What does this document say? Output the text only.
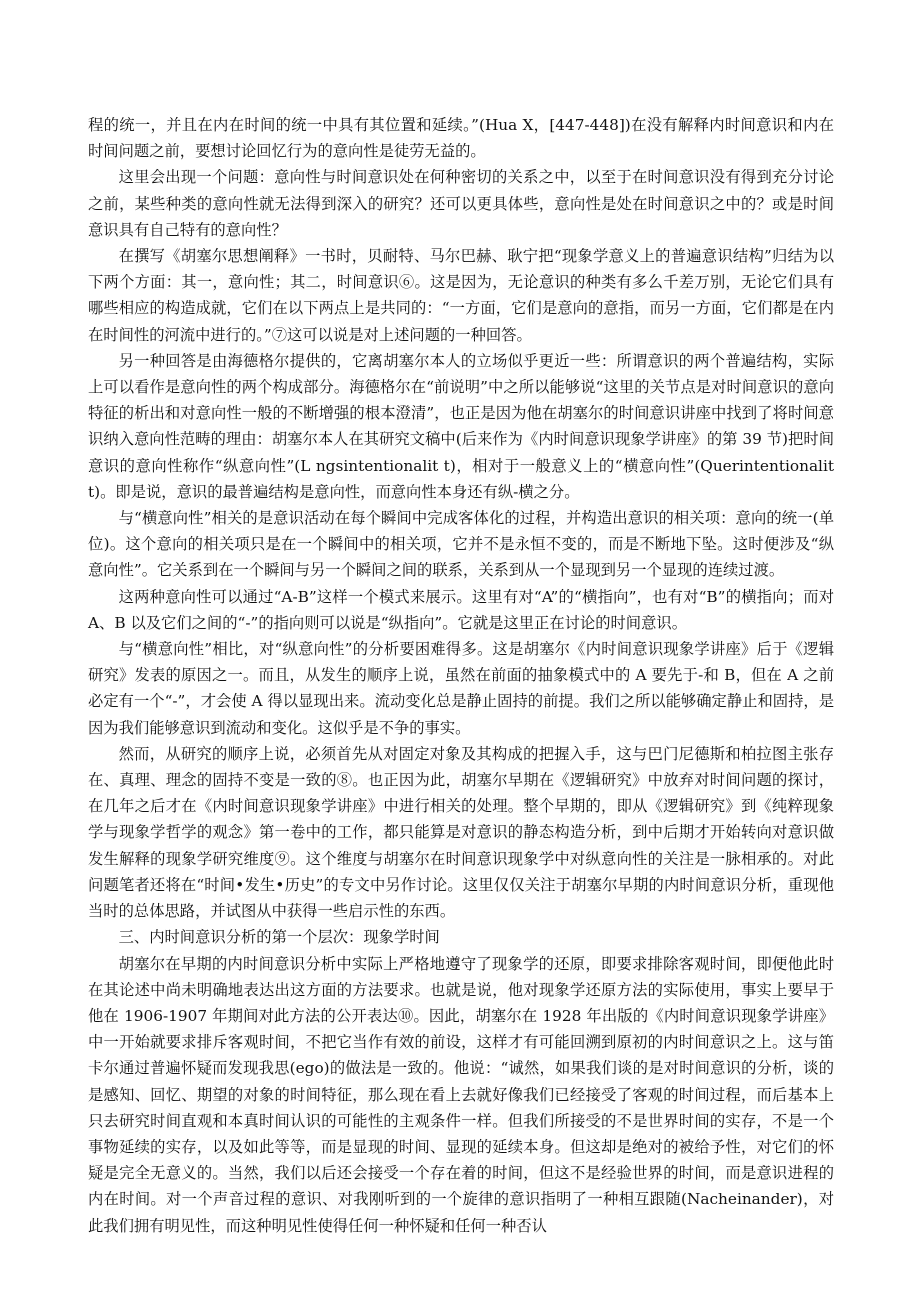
程的统一，并且在内在时间的统一中具有其位置和延续。”(Hua X，[447-448])在没有解释内时间意识和内在时间问题之前，要想讨论回忆行为的意向性是徒劳无益的。

这里会出现一个问题：意向性与时间意识处在何种密切的关系之中，以至于在时间意识没有得到充分讨论之前，某些种类的意向性就无法得到深入的研究？还可以更具体些，意向性是处在时间意识之中的？或是时间意识具有自己特有的意向性？

在撰写《胡塞尔思想阐释》一书时，贝耐特、马尔巴赫、耿宁把“现象学意义上的普遍意识结构”归结为以下两个方面：其一，意向性；其二，时间意识⑥。这是因为，无论意识的种类有多么千差万别，无论它们具有哪些相应的构造成就，它们在以下两点上是共同的：“一方面，它们是意向的意指，而另一方面，它们都是在内在时间性的河流中进行的。”⑦这可以说是对上述问题的一种回答。

另一种回答是由海德格尔提供的，它离胡塞尔本人的立场似乎更近一些：所谓意识的两个普遍结构，实际上可以看作是意向性的两个构成部分。海德格尔在“前说明”中之所以能够说“这里的关节点是对时间意识的意向特征的析出和对意向性一般的不断增强的根本澄清”，也正是因为他在胡塞尔的时间意识讲座中找到了将时间意识纳入意向性范畴的理由：胡塞尔本人在其研究文稿中(后来作为《内时间意识现象学讲座》的第 39 节)把时间意识的意向性称作“纵意向性”(L ngsintentionalit t)，相对于一般意义上的“横意向性”(Querintentionalit t)。即是说，意识的最普遍结构是意向性，而意向性本身还有纵-横之分。

与“横意向性”相关的是意识活动在每个瞬间中完成客体化的过程，并构造出意识的相关项：意向的统一(单位)。这个意向的相关项只是在一个瞬间中的相关项，它并不是永恒不变的，而是不断地下坠。这时便涉及“纵意向性”。它关系到在一个瞬间与另一个瞬间之间的联系，关系到从一个显现到另一个显现的连续过渡。

这两种意向性可以通过“A-B”这样一个模式来展示。这里有对“A”的“横指向”，也有对“B”的横指向；而对 A、B 以及它们之间的“-”的指向则可以说是“纵指向”。它就是这里正在讨论的时间意识。

与“横意向性”相比，对“纵意向性”的分析要困难得多。这是胡塞尔《内时间意识现象学讲座》后于《逻辑研究》发表的原因之一。而且，从发生的顺序上说，虽然在前面的抽象模式中的 A 要先于-和 B，但在 A 之前必定有一个“-”，才会使 A 得以显现出来。流动变化总是静止固持的前提。我们之所以能够确定静止和固持，是因为我们能够意识到流动和变化。这似乎是不争的事实。

然而，从研究的顺序上说，必须首先从对固定对象及其构成的把握入手，这与巴门尼德斯和柏拉图主张存在、真理、理念的固持不变是一致的⑧。也正因为此，胡塞尔早期在《逻辑研究》中放弃对时间问题的探讨，在几年之后才在《内时间意识现象学讲座》中进行相关的处理。整个早期的，即从《逻辑研究》到《纯粹现象学与现象学哲学的观念》第一卷中的工作，都只能算是对意识的静态构造分析，到中后期才开始转向对意识做发生解释的现象学研究维度⑨。这个维度与胡塞尔在时间意识现象学中对纵意向性的关注是一脉相承的。对此问题笔者还将在“时间•发生•历史”的专文中另作讨论。这里仅仅关注于胡塞尔早期的内时间意识分析，重现他当时的总体思路，并试图从中获得一些启示性的东西。

三、内时间意识分析的第一个层次：现象学时间

胡塞尔在早期的内时间意识分析中实际上严格地遵守了现象学的还原，即要求排除客观时间，即便他此时在其论述中尚未明确地表达出这方面的方法要求。也就是说，他对现象学还原方法的实际使用，事实上要早于他在 1906-1907 年期间对此方法的公开表达⑩。因此，胡塞尔在 1928 年出版的《内时间意识现象学讲座》中一开始就要求排斥客观时间，不把它当作有效的前设，这样才有可能回溯到原初的内时间意识之上。这与笛卡尔通过普遍怀疑而发现我思(ego)的做法是一致的。他说：“诚然，如果我们谈的是对时间意识的分析，谈的是感知、回忆、期望的对象的时间特征，那么现在看上去就好像我们已经接受了客观的时间过程，而后基本上只去研究时间直观和本真时间认识的可能性的主观条件一样。但我们所接受的不是世界时间的实存，不是一个事物延续的实存，以及如此等等，而是显现的时间、显现的延续本身。但这却是绝对的被给予性，对它们的怀疑是完全无意义的。当然，我们以后还会接受一个存在着的时间，但这不是经验世界的时间，而是意识进程的内在时间。对一个声音过程的意识、对我刚听到的一个旋律的意识指明了一种相互跟随(Nacheinander)，对此我们拥有明见性，而这种明见性使得任何一种怀疑和任何一种否认
